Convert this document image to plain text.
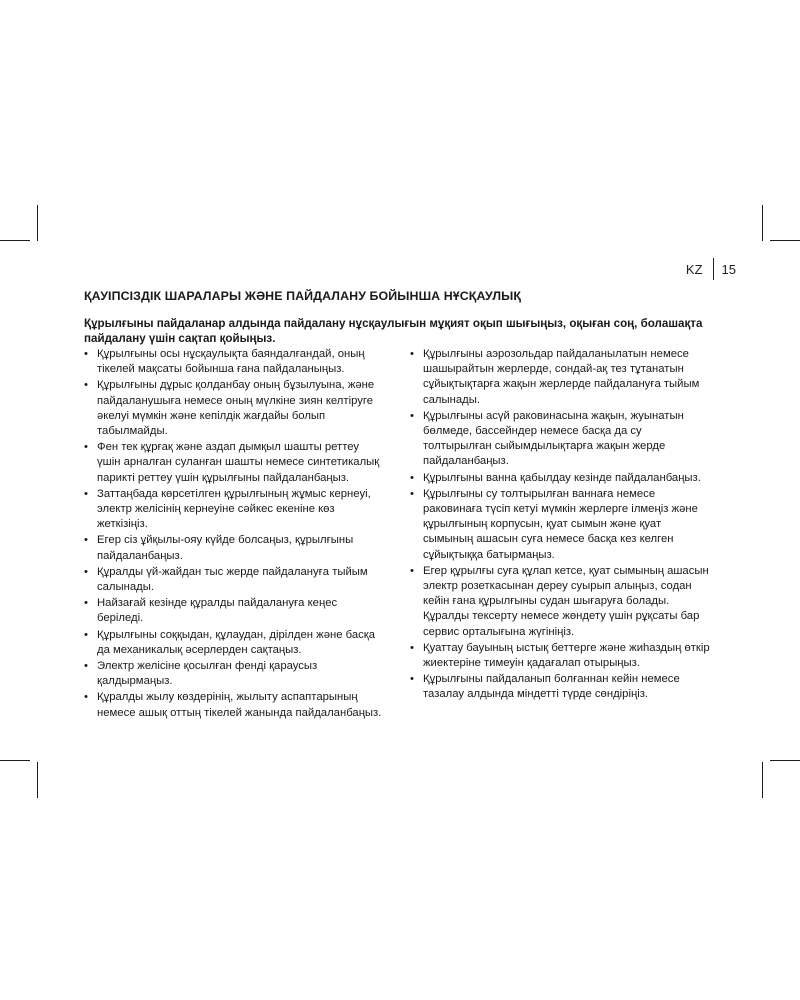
KZ	15
ҚАУІПСІЗДІК ШАРАЛАРЫ ЖӘНЕ ПАЙДАЛАНУ БОЙЫНША НҰСҚАУЛЫҚ

Құрылғыны пайдаланар алдында пайдалану нұсқаулығын мұқият оқып шығыңыз, оқыған соң, болашақта пайдалану үшін сақтап қойыңыз.

• Құрылғыны осы нұсқаулықта баяндалғандай, оның тікелей мақсаты бойынша ғана пайдаланыңыз.
• Құрылғыны дұрыс қолданбау оның бұзылуына, және пайдаланушыға немесе оның мүлкіне зиян келтіруге әкелуі мүмкін және кепілдік жағдайы болып табылмайды.
• Фен тек құрғақ және аздап дымқыл шашты реттеу үшін арналған суланған шашты немесе синтетикалық парикті реттеу үшін құрылғыны пайдаланбаңыз.
• Заттаңбада көрсетілген құрылғының жұмыс кернеуі, электр желісінің кернеуіне сәйкес екеніне көз жеткізіңіз.
• Егер сіз ұйқылы-ояу күйде болсаңыз, құрылғыны пайдаланбаңыз.
• Құралды үй-жайдан тыс жерде пайдалануға тыйым салынады.
• Найзағай кезінде құралды пайдалануға кеңес беріледі.
• Құрылғыны соққыдан, құлаудан, дірілден және басқа да механикалық әсерлерден сақтаңыз.
• Электр желісіне қосылған фенді қараусыз қалдырмаңыз.
• Құралды жылу көздерінің, жылыту аспаптарының немесе ашық оттың тікелей жанында пайдаланбаңыз.
• Құрылғыны аэрозольдар пайдаланылатын немесе шашырайтын жерлерде, сондай-ақ тез тұтанатын сұйықтықтарға жақын жерлерде пайдалануға тыйым салынады.
• Құрылғыны асүй раковинасына жақын, жуынатын бөлмеде, бассейндер немесе басқа да су толтырылған сыйымдылықтарға жақын жерде пайдаланбаңыз.
• Құрылғыны ванна қабылдау кезінде пайдаланбаңыз.
• Құрылғыны су толтырылған ваннаға немесе раковинаға түсіп кетуі мүмкін жерлерге ілмеңіз және құрылғының корпусын, қуат сымын және қуат сымының ашасын суға немесе басқа кез келген сұйықтыққа батырмаңыз.
• Егер құрылғы суға құлап кетсе, қуат сымының ашасын электр розеткасынан дереу суырып алыңыз, содан кейін ғана құрылғыны судан шығаруға болады. Құралды тексерту немесе жөндету үшін рұқсаты бар сервис орталығына жүгініңіз.
• Қуаттау бауының ыстық беттерге және жиһаздың өткір жиектеріне тимеуін қадағалап отырыңыз.
• Құрылғыны пайдаланып болғаннан кейін немесе тазалау алдында міндетті түрде сөндіріңіз.
